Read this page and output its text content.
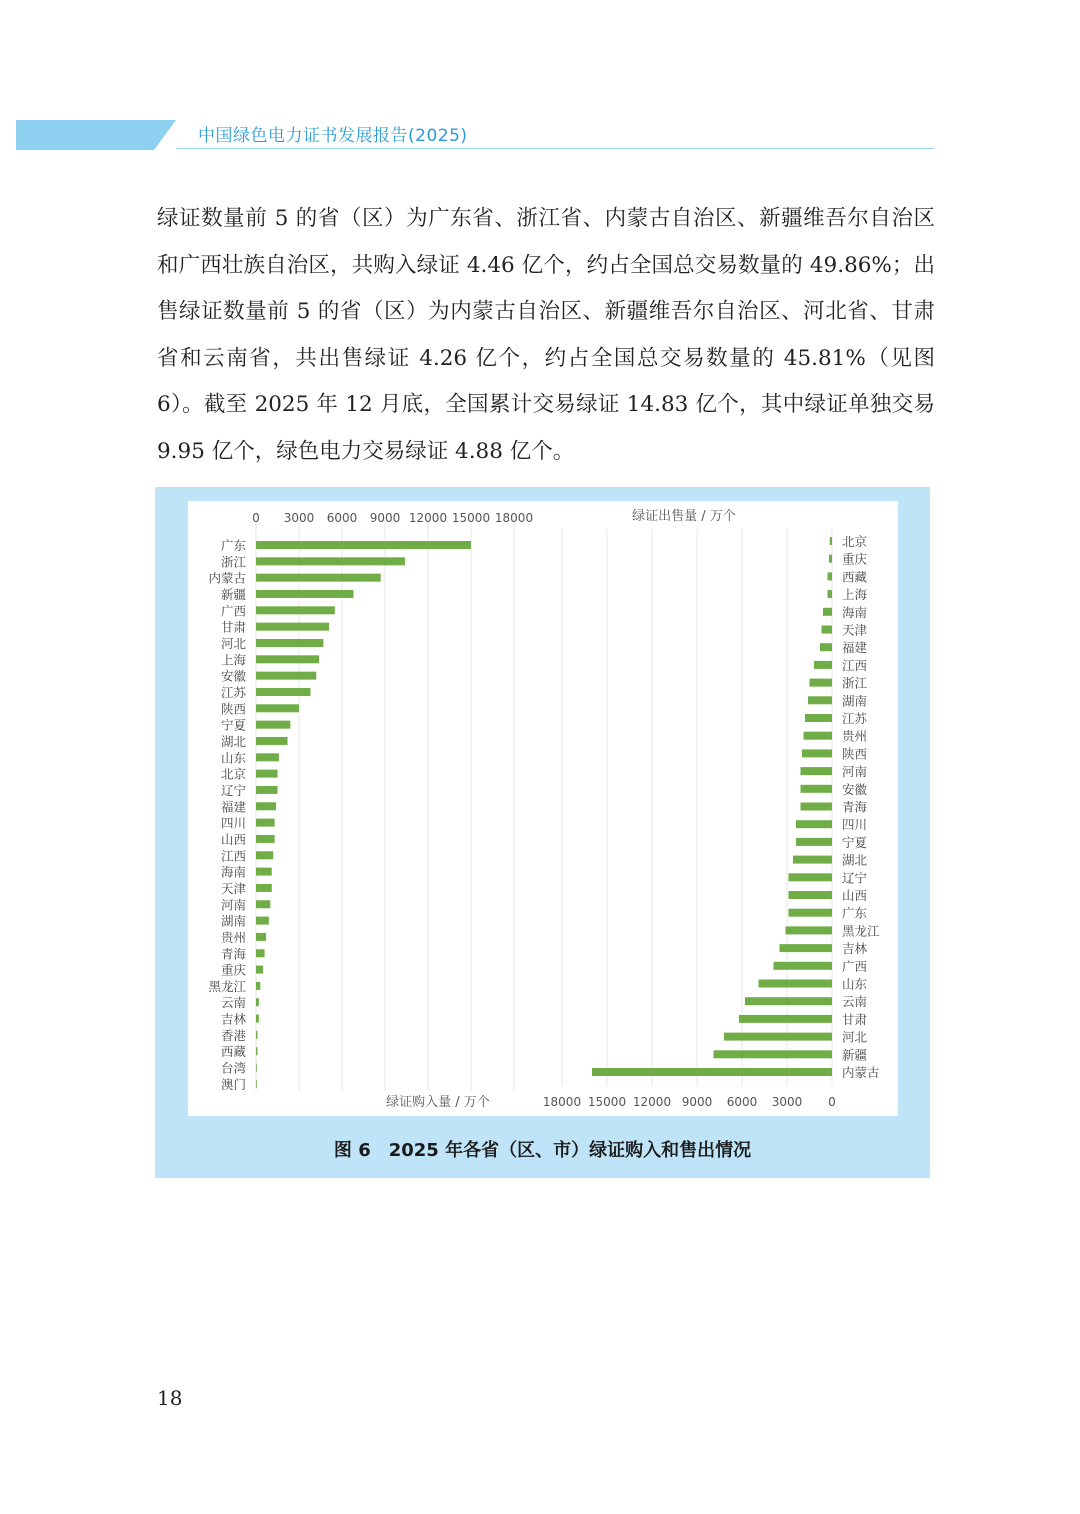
中国绿色电力证书发展报告(2025)
绿证数量前 5 的省（区）为广东省、浙江省、内蒙古自治区、新疆维吾尔自治区和广西壮族自治区，共购入绿证 4.46 亿个，约占全国总交易数量的 49.86%；出售绿证数量前 5 的省（区）为内蒙古自治区、新疆维吾尔自治区、河北省、甘肃省和云南省，共出售绿证 4.26 亿个，约占全国总交易数量的 45.81%（见图 6）。截至 2025 年 12 月底，全国累计交易绿证 14.83 亿个，其中绿证单独交易 9.95 亿个，绿色电力交易绿证 4.88 亿个。
0 3000 6000 9000 12000 15000 18000
广东
浙江
内蒙古
新疆
广西
甘肃
河北
上海
安徽
江苏
陕西
宁夏
湖北
山东
北京
辽宁
福建
四川
山西
江西
海南
天津
河南
湖南
贵州
青海
重庆
黑龙江
云南
吉林
香港
西藏
台湾
澳门
绿证购入量 / 万个	18000 15000 12000 9000 6000 3000 0
北京
重庆
西藏
上海
海南
天津
福建
江西
浙江
湖南
江苏
贵州
陕西
河南
安徽
青海
四川
宁夏
湖北
辽宁
山西
广东
黑龙江
吉林
广西
山东
云南
甘肃
河北
新疆
内蒙古
绿证出售量 / 万个
图 6　2025 年各省（区、市）绿证购入和售出情况
18
